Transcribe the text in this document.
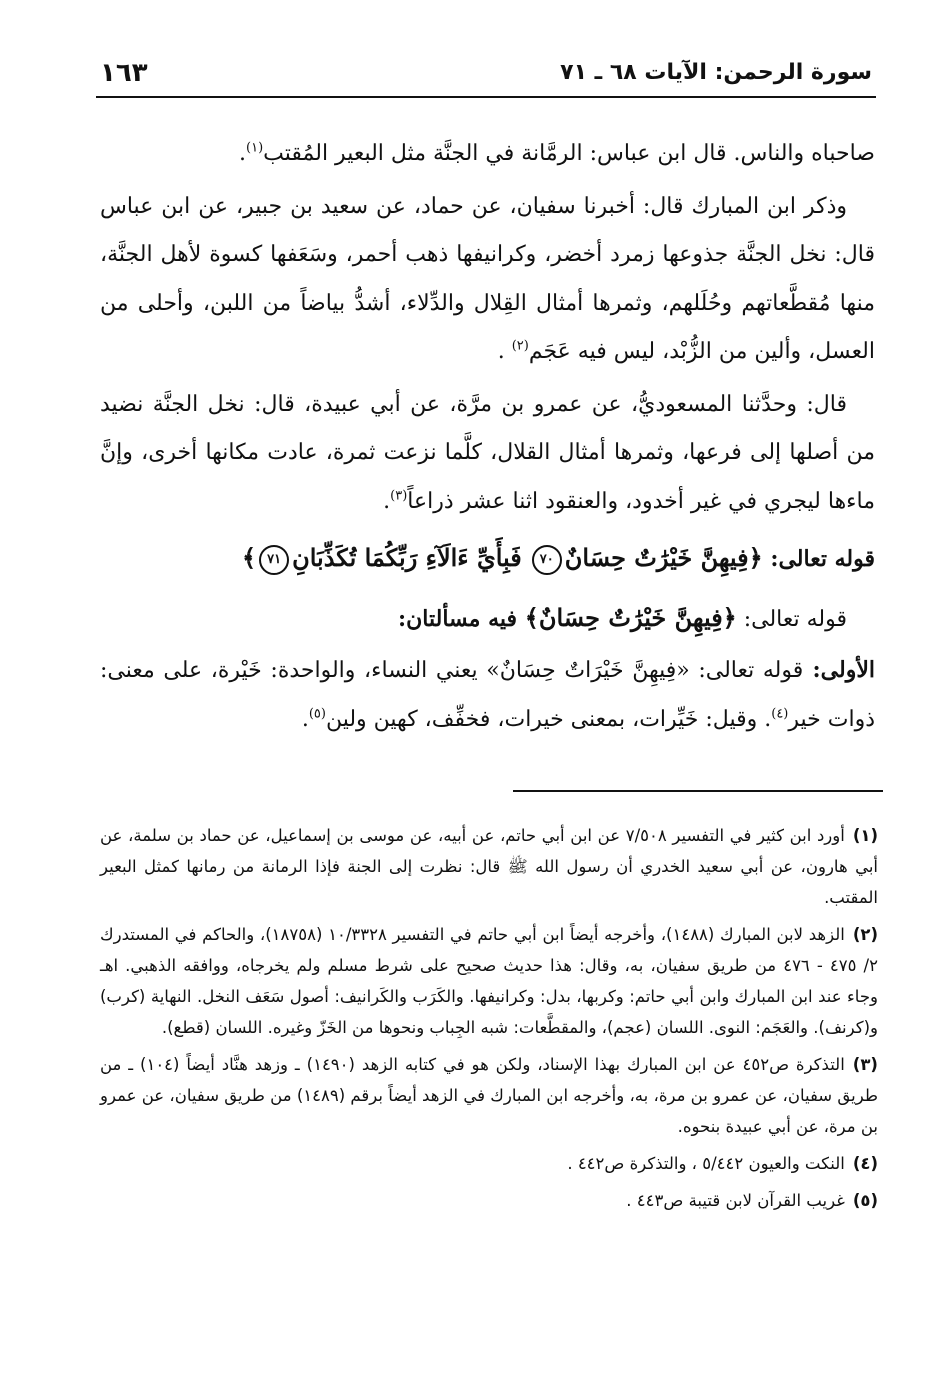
سورة الرحمن: الآيات ٦٨ ـ ٧١
١٦٣

صاحباه والناس. قال ابن عباس: الرمَّانة في الجنَّة مثل البعير المُقتب$^{(١)}$.

وذكر ابن المبارك قال: أخبرنا سفيان، عن حماد، عن سعيد بن جبير، عن ابن عباس قال: نخل الجنَّة جذوعها زمرد أخضر، وكرانيفها ذهب أحمر، وسَعَفها كسوة لأهل الجنَّة، منها مُقطَّعاتهم وحُلَلهم، وثمرها أمثال القِلال والدِّلاء، أشدُّ بياضاً من اللبن، وأحلى من العسل، وألين من الزُّبْد، ليس فيه عَجَم$^{(٢)}$ .

قال: وحدَّثنا المسعوديُّ، عن عمرو بن مرَّة، عن أبي عبيدة، قال: نخل الجنَّة نضيد من أصلها إلى فرعها، وثمرها أمثال القلال، كلَّما نزعت ثمرة، عادت مكانها أخرى، وإنَّ ماءها ليجري في غير أخدود، والعنقود اثنا عشر ذراعاً$^{(٣)}$.

قوله تعالى: ﴿فِيهِنَّ خَيْرَٰتٌ حِسَانٌ٧٠ فَبِأَيِّ ءَالَآءِ رَبِّكُمَا تُكَذِّبَانِ٧١﴾

قوله تعالى: ﴿فِيهِنَّ خَيْرَٰتٌ حِسَانٌ﴾ فيه مسألتان:

الأولى: قوله تعالى: «فِيهِنَّ خَيْرَاتٌ حِسَانٌ» يعني النساء، والواحدة: خَيْرة، على معنى: ذوات خير$^{(٤)}$. وقيل: خَيِّرات، بمعنى خيرات، فخفِّف، كهين ولين$^{(٥)}$.

(١)أورد ابن كثير في التفسير ٧/٥٠٨ عن ابن أبي حاتم، عن أبيه، عن موسى بن إسماعيل، عن حماد بن سلمة، عن أبي هارون، عن أبي سعيد الخدري أن رسول الله ﷺ قال: نظرت إلى الجنة فإذا الرمانة من رمانها كمثل البعير المقتب.

(٢)الزهد لابن المبارك (١٤٨٨)، وأخرجه أيضاً ابن أبي حاتم في التفسير ١٠/٣٣٢٨ (١٨٧٥٨)، والحاكم في المستدرك ٢/ ٤٧٥ - ٤٧٦ من طريق سفيان، به، وقال: هذا حديث صحيح على شرط مسلم ولم يخرجاه، ووافقه الذهبي. اهـ وجاء عند ابن المبارك وابن أبي حاتم: وكربها، بدل: وكرانيفها. والكَرَب والكَرانيف: أصول سَعَف النخل. النهاية (كرب) و(كرنف). والعَجَم: النوى. اللسان (عجم)، والمقطَّعات: شبه الجِباب ونحوها من الخَزّ وغيره. اللسان (قطع).

(٣)التذكرة ص٤٥٢ عن ابن المبارك بهذا الإسناد، ولكن هو في كتابه الزهد (١٤٩٠) ـ وزهد هنَّاد أيضاً (١٠٤) ـ من طريق سفيان، عن عمرو بن مرة، به، وأخرجه ابن المبارك في الزهد أيضاً برقم (١٤٨٩) من طريق سفيان، عن عمرو بن مرة، عن أبي عبيدة بنحوه.

(٤)النكت والعيون ٥/٤٤٢ ، والتذكرة ص٤٤٢ .

(٥)غريب القرآن لابن قتيبة ص٤٤٣ .
